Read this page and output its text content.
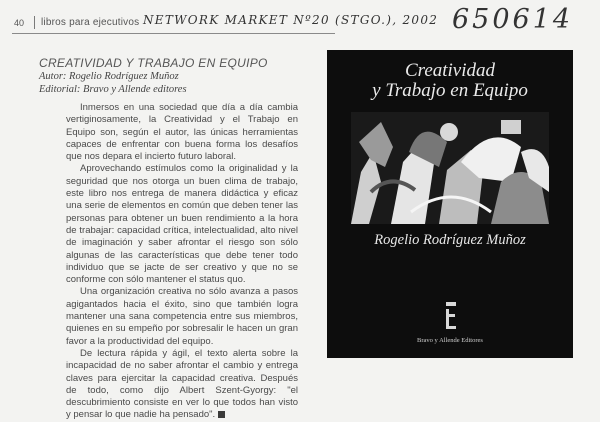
40 libros para ejecutivos NETWORK MARKET Nº20 (STGO.), 2002 650614
CREATIVIDAD Y TRABAJO EN EQUIPO
Autor: Rogelio Rodríguez Muñoz
Editorial: Bravo y Allende editores

Inmersos en una sociedad que día a día cambia vertiginosamente, la Creatividad y el Trabajo en Equipo son, según el autor, las únicas herramientas capaces de enfrentar con buena forma los desafíos que nos depara el incierto futuro laboral.

Aprovechando estímulos como la originalidad y la seguridad que nos otorga un buen clima de trabajo, este libro nos entrega de manera didáctica y eficaz una serie de elementos en común que deben tener las personas para obtener un buen rendimiento a la hora de trabajar: capacidad crítica, intelectualidad, alto nivel de imaginación y saber afrontar el riesgo son sólo algunas de las características que debe tener todo individuo que se jacte de ser creativo y que no se conforme con sólo mantener el status quo.

Una organización creativa no sólo avanza a pasos agigantados hacia el éxito, sino que también logra mantener una sana competencia entre sus miembros, quienes en su empeño por sobresalir le hacen un gran favor a la productividad del equipo.

De lectura rápida y ágil, el texto alerta sobre la incapacidad de no saber afrontar el cambio y entrega claves para ejercitar la capacidad creativa. Después de todo, como dijo Albert Szent-Gyorgy: "el descubrimiento consiste en ver lo que todos han visto y pensar lo que nadie ha pensado".

Creatividad
y Trabajo en Equipo
Rogelio Rodríguez Muñoz
Bravo y Allende Editores
